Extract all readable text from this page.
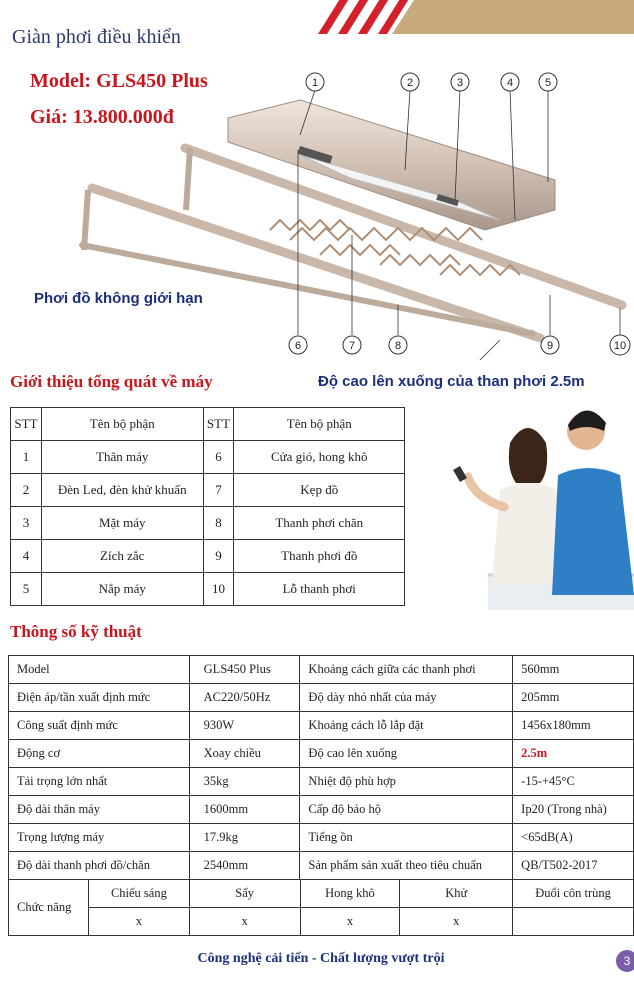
Giàn phơi điều khiển
1	2	3	4	5
6	7	8	9	10
Model: GLS450 Plus
Giá: 13.800.000đ
Phơi đồ không giới hạn
Giới thiệu tổng quát về máy	Độ cao lên xuống của than phơi 2.5m
STT	Tên bộ phận	STT	Tên bộ phận
1	Thân máy	6	Cửa gió, hong khô
2	Đèn Led, đèn khử khuẩn	7	Kẹp đồ
3	Mặt máy	8	Thanh phơi chăn
4	Zích zắc	9	Thanh phơi đồ
5	Nắp máy	10	Lỗ thanh phơi
Thông số kỹ thuật
Model	GLS450 Plus	Khoảng cách giữa các thanh phơi	560mm
Điện áp/tần xuất định mức	AC220/50Hz	Độ dày nhỏ nhất của máy	205mm
Công suất định mức	930W	Khoảng cách lỗ lắp đặt	1456x180mm
Động cơ	Xoay chiều	Độ cao lên xuống	2.5m
Tải trọng lớn nhất	35kg	Nhiệt độ phù hợp	-15-+45°C
Độ dài thân máy	1600mm	Cấp độ bảo hộ	Ip20 (Trong nhà)
Trọng lượng máy	17.9kg	Tiếng ồn	<65dB(A)
Độ dài thanh phơi đồ/chăn	2540mm	Sản phẩm sản xuất theo tiêu chuẩn	QB/T502-2017
Chức năng	Chiếu sáng	Sấy	Hong khô	Khử	Đuổi côn trùng
	x	x	x	x	
Công nghệ cải tiến - Chất lượng vượt trội	3
